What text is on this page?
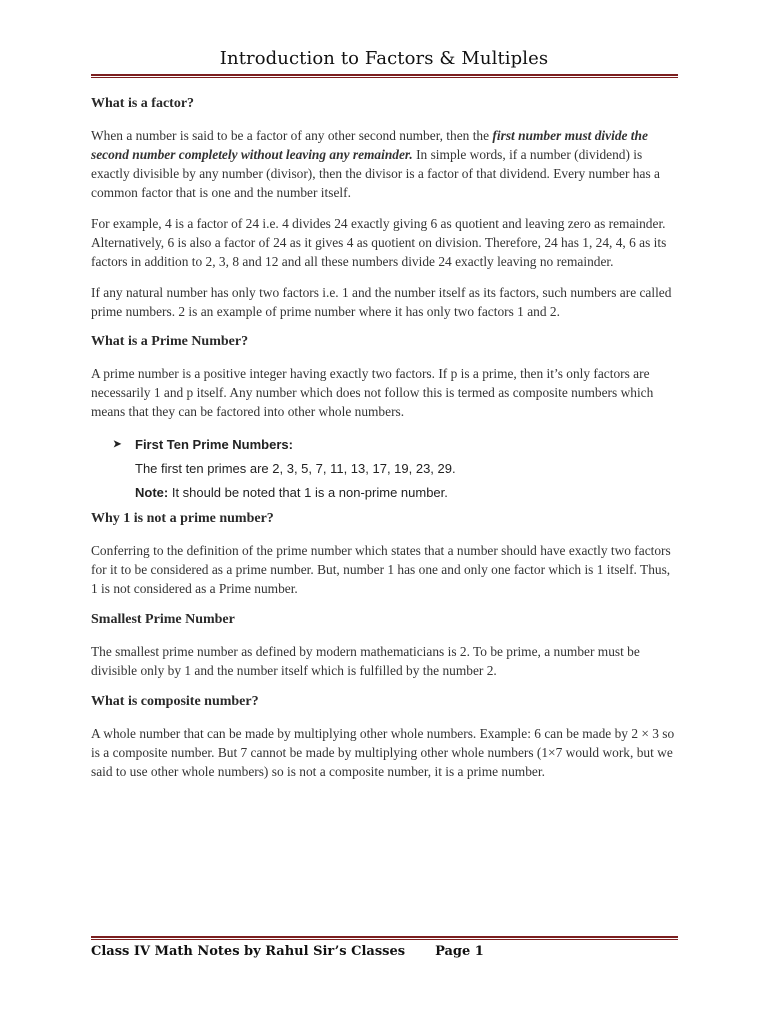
Introduction to Factors & Multiples
What is a factor?

When a number is said to be a factor of any other second number, then the first number must divide the second number completely without leaving any remainder. In simple words, if a number (dividend) is exactly divisible by any number (divisor), then the divisor is a factor of that dividend. Every number has a common factor that is one and the number itself.

For example, 4 is a factor of 24 i.e. 4 divides 24 exactly giving 6 as quotient and leaving zero as remainder. Alternatively, 6 is also a factor of 24 as it gives 4 as quotient on division. Therefore, 24 has 1, 24, 4, 6 as its factors in addition to 2, 3, 8 and 12 and all these numbers divide 24 exactly leaving no remainder.

If any natural number has only two factors i.e. 1 and the number itself as its factors, such numbers are called prime numbers. 2 is an example of prime number where it has only two factors 1 and 2.

What is a Prime Number?

A prime number is a positive integer having exactly two factors. If p is a prime, then it’s only factors are necessarily 1 and p itself. Any number which does not follow this is termed as composite numbers which means that they can be factored into other whole numbers.

➤	First Ten Prime Numbers:
The first ten primes are 2, 3, 5, 7, 11, 13, 17, 19, 23, 29.
Note: It should be noted that 1 is a non-prime number.
Why 1 is not a prime number?

Conferring to the definition of the prime number which states that a number should have exactly two factors for it to be considered as a prime number. But, number 1 has one and only one factor which is 1 itself. Thus, 1 is not considered as a Prime number.

Smallest Prime Number

The smallest prime number as defined by modern mathematicians is 2. To be prime, a number must be divisible only by 1 and the number itself which is fulfilled by the number 2.

What is composite number?

A whole number that can be made by multiplying other whole numbers. Example: 6 can be made by 2 × 3 so is a composite number. But 7 cannot be made by multiplying other whole numbers (1×7 would work, but we said to use other whole numbers) so is not a composite number, it is a prime number.

Class IV Math Notes by Rahul Sir’s Classes Page 1
